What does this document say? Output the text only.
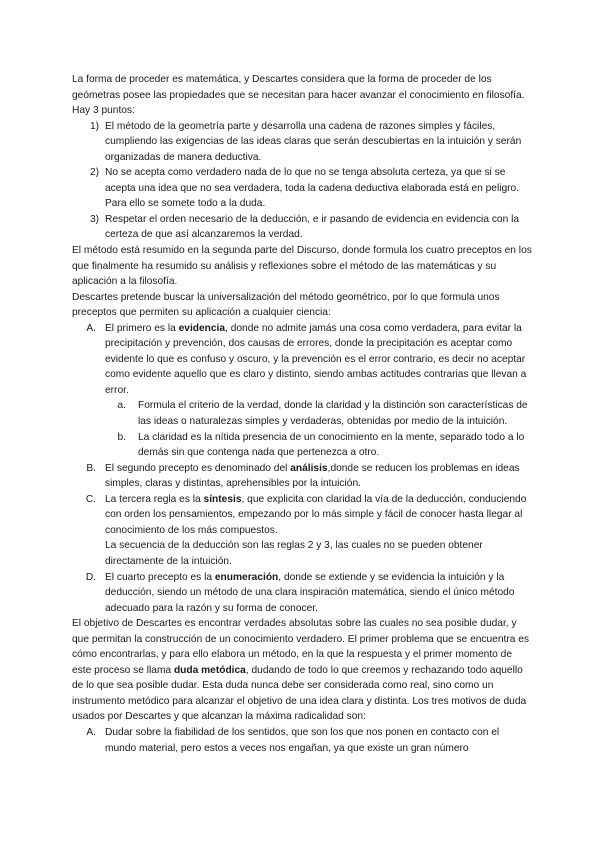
La forma de proceder es matemática, y Descartes considera que la forma de proceder de los geómetras posee las propiedades que se necesitan para hacer avanzar el conocimiento en filosofía. Hay 3 puntos:

1) El método de la geometría parte y desarrolla una cadena de razones simples y fáciles, cumpliendo las exigencias de las ideas claras que serán descubiertas en la intuición y serán organizadas de manera deductiva.
2) No se acepta como verdadero nada de lo que no se tenga absoluta certeza, ya que si se acepta una idea que no sea verdadera, toda la cadena deductiva elaborada está en peligro. Para ello se somete todo a la duda.
3) Respetar el orden necesario de la deducción, e ir pasando de evidencia en evidencia con la certeza de que así alcanzaremos la verdad.

El método está resumido en la segunda parte del Discurso, donde formula los cuatro preceptos en los que finalmente ha resumido su análisis y reflexiones sobre el método de las matemáticas y su aplicación a la filosofía.

Descartes pretende buscar la universalización del método geométrico, por lo que formula unos preceptos que permiten su aplicación a cualquier ciencia:

A. El primero es la evidencia, donde no admite jamás una cosa como verdadera, para evitar la precipitación y prevención, dos causas de errores, donde la precipitación es aceptar como evidente lo que es confuso y oscuro, y la prevención es el error contrario, es decir no aceptar como evidente aquello que es claro y distinto, siendo ambas actitudes contrarias que llevan a error.
a. Formula el criterio de la verdad, donde la claridad y la distinción son características de las ideas o naturalezas simples y verdaderas, obtenidas por medio de la intuición.
b. La claridad es la nítida presencia de un conocimiento en la mente, separado todo a lo demás sin que contenga nada que pertenezca a otro.
B. El segundo precepto es denominado del análisis,donde se reducen los problemas en ideas simples, claras y distintas, aprehensibles por la intuición.
C. La tercera regla es la síntesis, que explicita con claridad la vía de la deducción, conduciendo con orden los pensamientos, empezando por lo más simple y fácil de conocer hasta llegar al conocimiento de los más compuestos.
La secuencia de la deducción son las reglas 2 y 3, las cuales no se pueden obtener directamente de la intuición.
D. El cuarto precepto es la enumeración, donde se extiende y se evidencia la intuición y la deducción, siendo un método de una clara inspiración matemática, siendo el único método adecuado para la razón y su forma de conocer.

El objetivo de Descartes es encontrar verdades absolutas sobre las cuales no sea posible dudar, y que permitan la construcción de un conocimiento verdadero. El primer problema que se encuentra es cómo encontrarlas, y para ello elabora un método, en la que la respuesta y el primer momento de este proceso se llama duda metódica, dudando de todo lo que creemos y rechazando todo aquello de lo que sea posible dudar. Esta duda nunca debe ser considerada como real, sino como un instrumento metódico para alcanzar el objetivo de una idea clara y distinta. Los tres motivos de duda usados por Descartes y que alcanzan la máxima radicalidad son:

A. Dudar sobre la fiabilidad de los sentidos, que son los que nos ponen en contacto con el mundo material, pero estos a veces nos engañan, ya que existe un gran número
